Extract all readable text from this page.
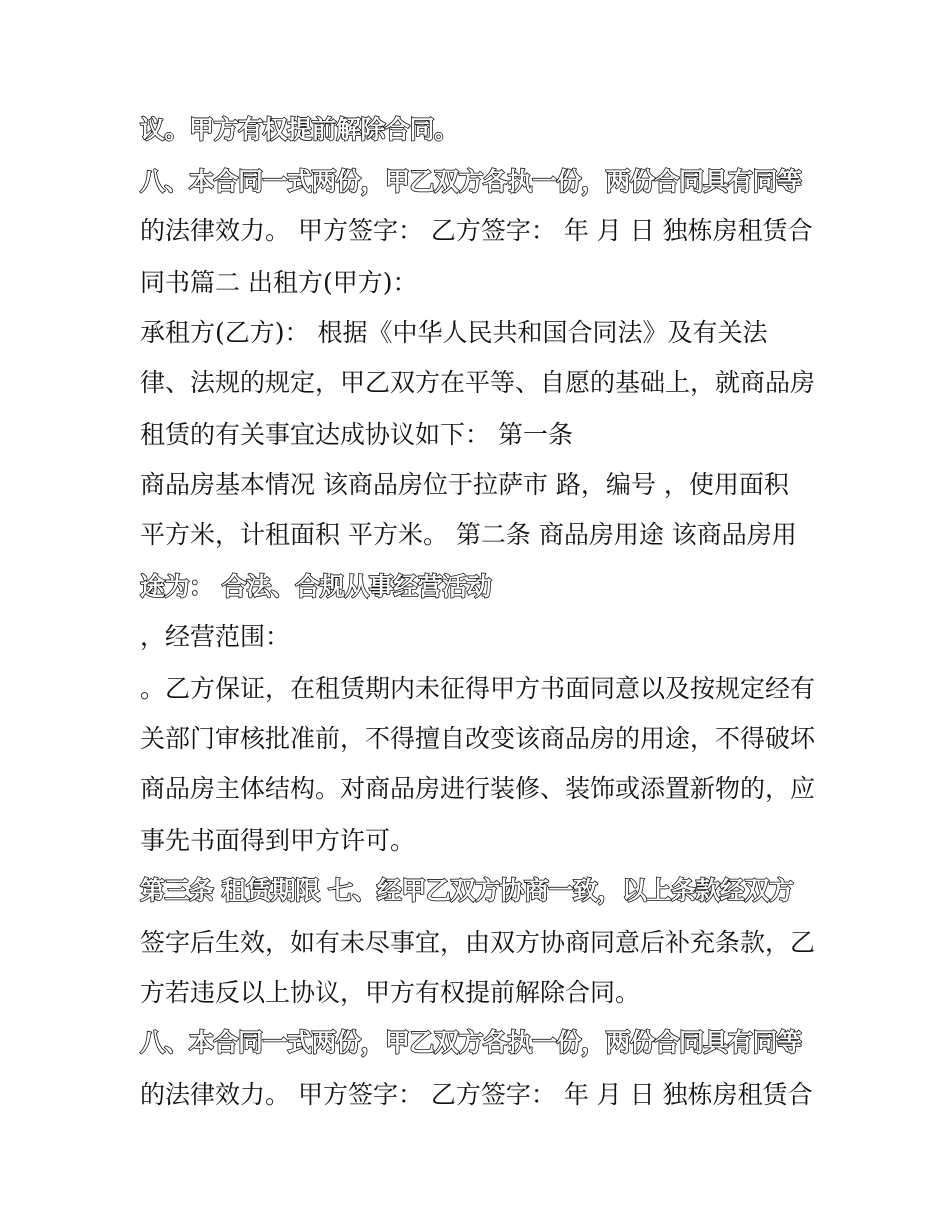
议。甲方有权提前解除合同。
八、本合同一式两份，甲乙双方各执一份，两份合同具有同等
的法律效力。 甲方签字： 乙方签字： 年 月 日 独栋房租赁合
同书篇二 出租方(甲方)：
承租方(乙方)： 根据《中华人民共和国合同法》及有关法
律、法规的规定，甲乙双方在平等、自愿的基础上，就商品房
租赁的有关事宜达成协议如下： 第一条
商品房基本情况 该商品房位于拉萨市 路，编号 ，使用面积
平方米，计租面积 平方米。 第二条 商品房用途 该商品房用
途为： 合法、合规从事经营活动
，经营范围：
。乙方保证，在租赁期内未征得甲方书面同意以及按规定经有
关部门审核批准前，不得擅自改变该商品房的用途，不得破坏
商品房主体结构。对商品房进行装修、装饰或添置新物的，应
事先书面得到甲方许可。
第三条 租赁期限 七、经甲乙双方协商一致，以上条款经双方
签字后生效，如有未尽事宜，由双方协商同意后补充条款，乙
方若违反以上协议，甲方有权提前解除合同。
八、本合同一式两份，甲乙双方各执一份，两份合同具有同等
的法律效力。 甲方签字： 乙方签字： 年 月 日 独栋房租赁合
